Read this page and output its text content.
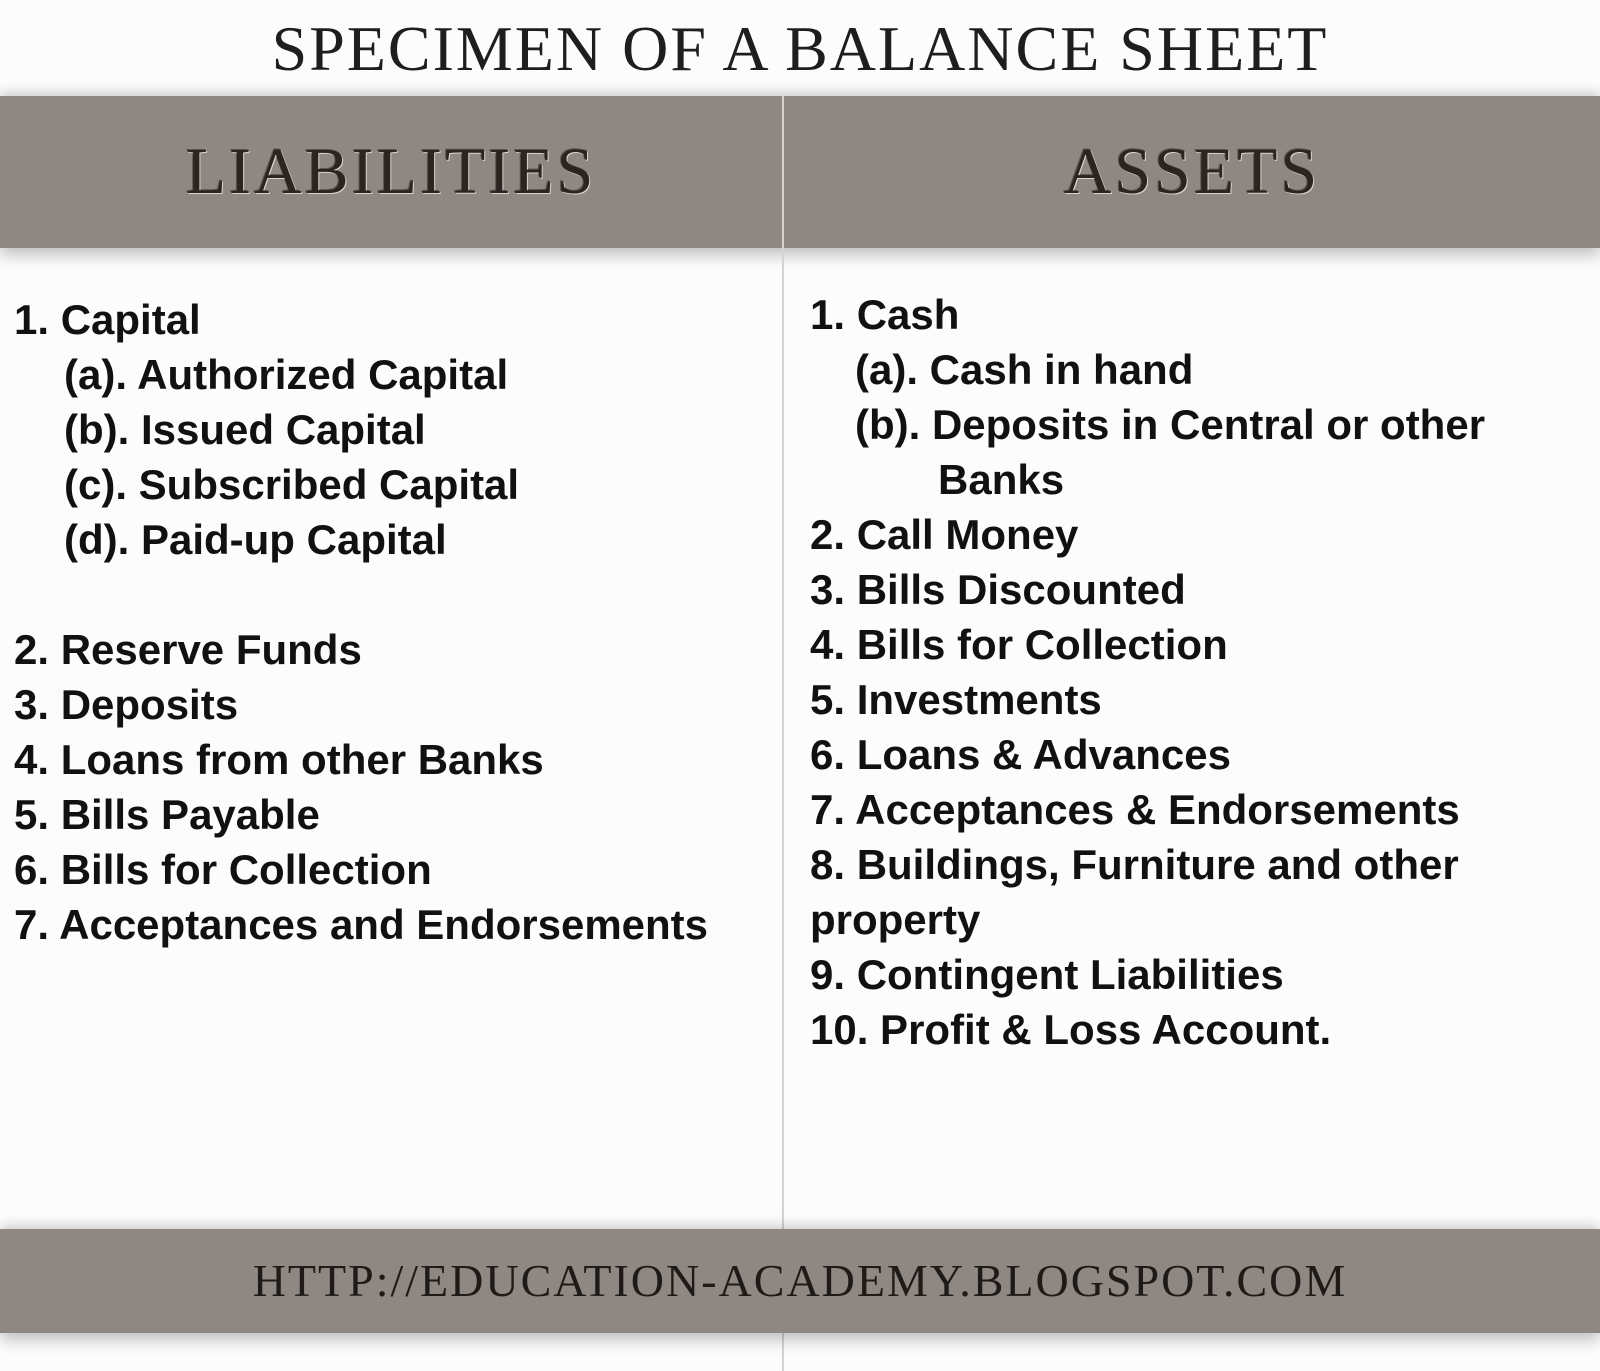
SPECIMEN OF A BALANCE SHEET
LIABILITIES	ASSETS
1. Capital
(a). Authorized Capital
(b). Issued Capital
(c). Subscribed Capital
(d). Paid-up Capital
2. Reserve Funds
3. Deposits
4. Loans from other Banks
5. Bills Payable
6. Bills for Collection
7. Acceptances and Endorsements
1. Cash
(a). Cash in hand
(b). Deposits in Central or other
Banks
2. Call Money
3. Bills Discounted
4. Bills for Collection
5. Investments
6. Loans & Advances
7. Acceptances & Endorsements
8. Buildings, Furniture and other
property
9. Contingent Liabilities
10. Profit & Loss Account.
HTTP://EDUCATION-ACADEMY.BLOGSPOT.COM
